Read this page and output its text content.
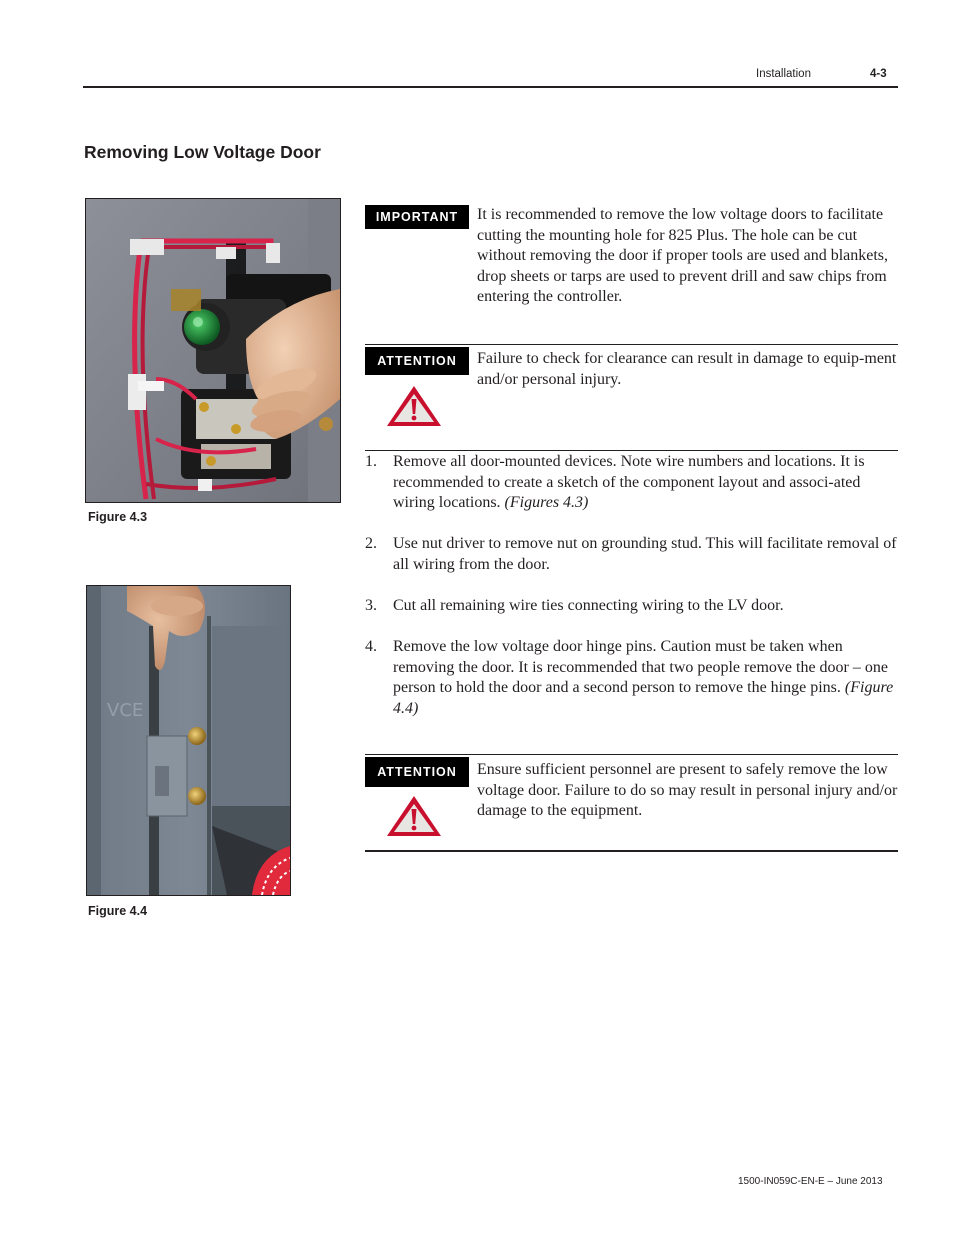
Installation	4-3
Removing Low Voltage Door
Figure 4.3
VCE
Figure 4.4
IMPORTANT	It is recommended to remove the low voltage doors to facilitate cutting the mounting hole for 825 Plus. The hole can be cut without removing the door if proper tools are used and blankets, drop sheets or tarps are used to prevent drill and saw chips from entering the controller.
ATTENTION	Failure to check for clearance can result in damage to equip-ment and/or personal injury.
1. Remove all door-mounted devices. Note wire numbers and locations. It is recommended to create a sketch of the component layout and associ-ated wiring locations. (Figures 4.3)
2. Use nut driver to remove nut on grounding stud. This will facilitate removal of all wiring from the door.
3. Cut all remaining wire ties connecting wiring to the LV door.
4. Remove the low voltage door hinge pins. Caution must be taken when removing the door. It is recommended that two people remove the door – one person to hold the door and a second person to remove the hinge pins. (Figure 4.4)
ATTENTION	Ensure sufficient personnel are present to safely remove the low voltage door. Failure to do so may result in personal injury and/or damage to the equipment.
1500-IN059C-EN-E – June 2013
